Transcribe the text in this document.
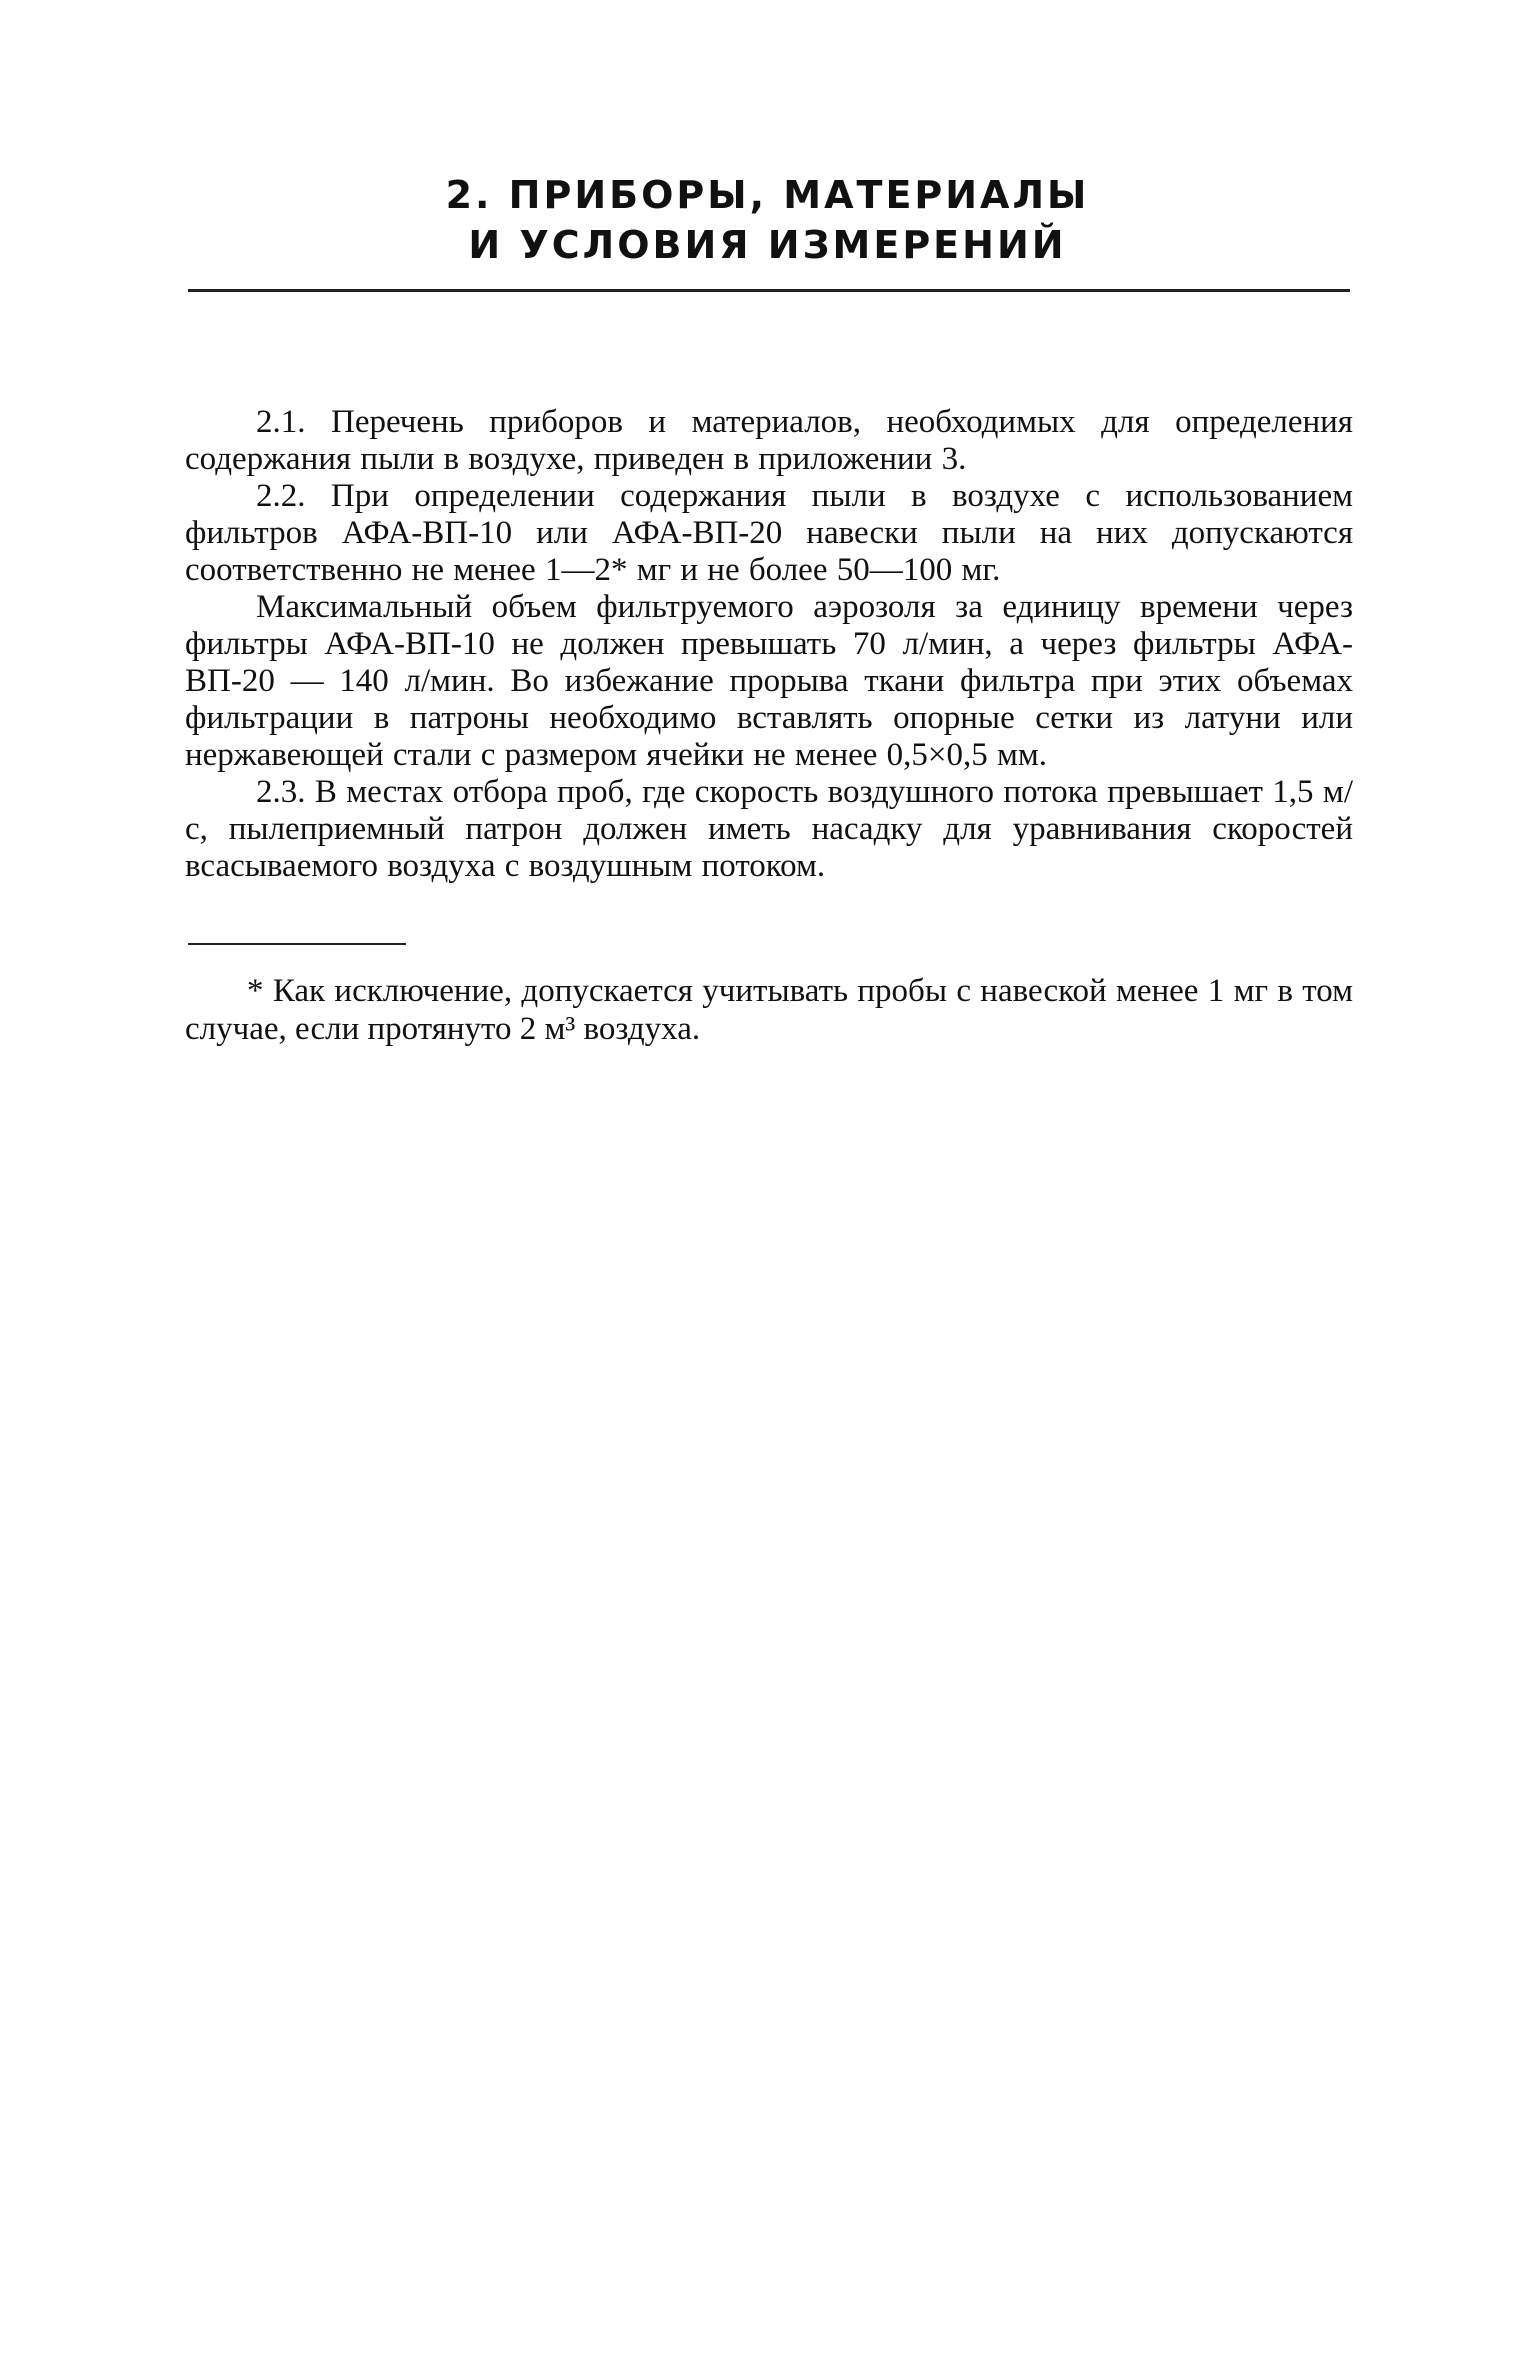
2. ПРИБОРЫ, МАТЕРИАЛЫ
И УСЛОВИЯ ИЗМЕРЕНИЙ

2.1. Перечень приборов и материалов, необходимых для определения содержания пыли в воздухе, приведен в приложении 3.

2.2. При определении содержания пыли в воздухе с использованием фильтров АФА-ВП-10 или АФА-ВП-20 навески пыли на них допускаются соответственно не менее 1—2* мг и не более 50—100 мг.

Максимальный объем фильтруемого аэрозоля за единицу времени через фильтры АФА-ВП-10 не должен превышать 70 л/мин, а через фильтры АФА-ВП-20 — 140 л/мин. Во избежание прорыва ткани фильтра при этих объемах фильтрации в патроны необходимо вставлять опорные сетки из латуни или нержавеющей стали с размером ячейки не менее 0,5×0,5 мм.

2.3. В местах отбора проб, где скорость воздушного потока превышает 1,5 м/с, пылеприемный патрон должен иметь насадку для уравнивания скоростей всасываемого воздуха с воздушным потоком.

* Как исключение, допускается учитывать пробы с навеской менее 1 мг в том случае, если протянуто 2 м³ воздуха.
